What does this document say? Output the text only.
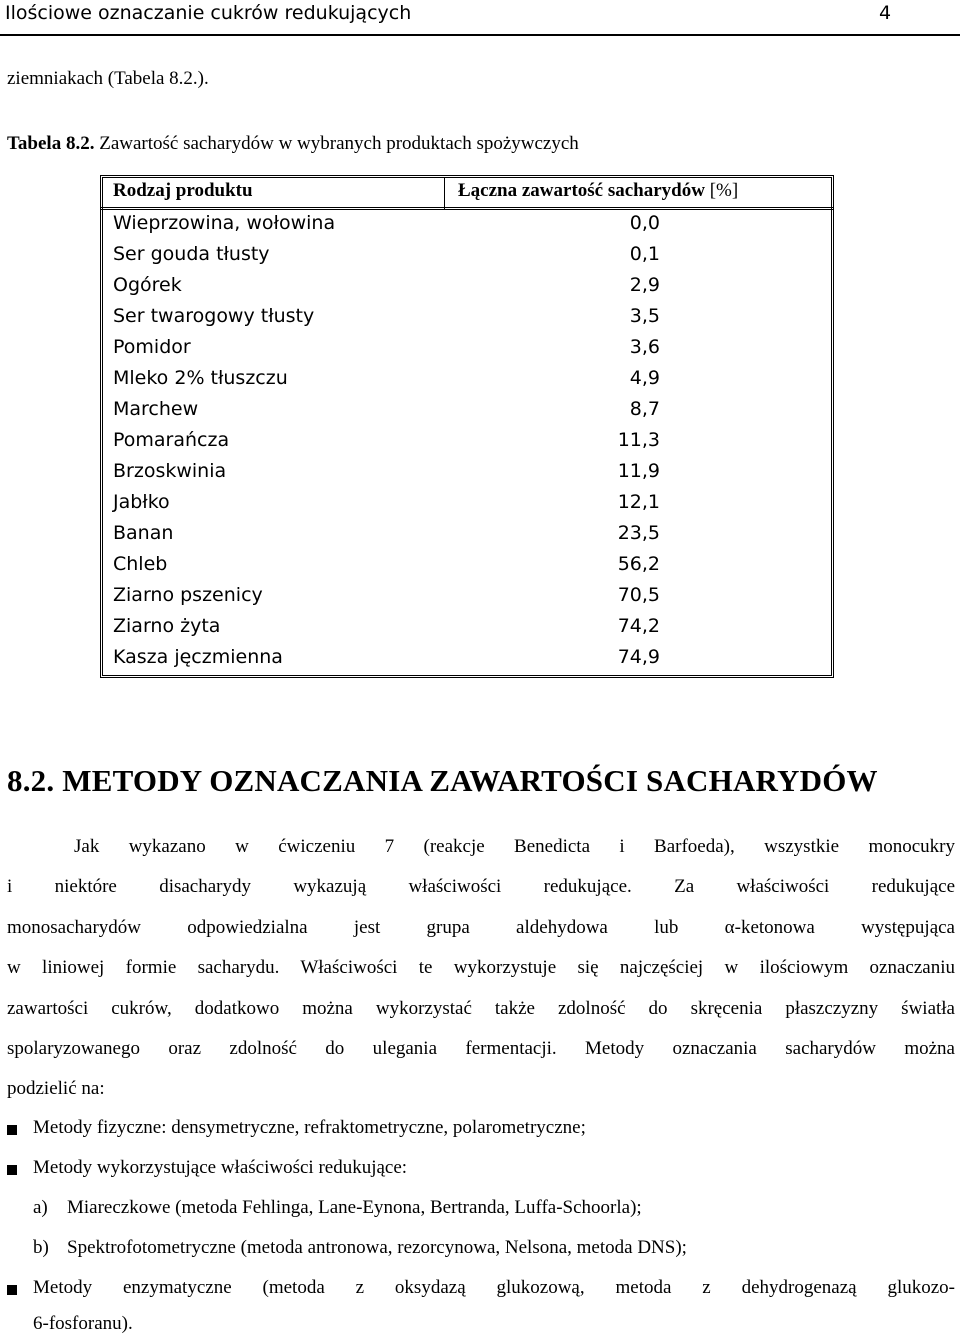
Ilościowe oznaczanie cukrów redukujących	4
ziemniakach (Tabela 8.2.).
Tabela 8.2. Zawartość sacharydów w wybranych produktach spożywczych
Rodzaj produktu	Łączna zawartość sacharydów [%]
Wieprzowina, wołowina	0,0
Ser gouda tłusty	0,1
Ogórek	2,9
Ser twarogowy tłusty	3,5
Pomidor	3,6
Mleko 2% tłuszczu	4,9
Marchew	8,7
Pomarańcza	11,3
Brzoskwinia	11,9
Jabłko	12,1
Banan	23,5
Chleb	56,2
Ziarno pszenicy	70,5
Ziarno żyta	74,2
Kasza jęczmienna	74,9
8.2. METODY OZNACZANIA ZAWARTOŚCI SACHARYDÓW
Jak wykazano w ćwiczeniu 7 (reakcje Benedicta i Barfoeda), wszystkie monocukry
i niektóre disacharydy wykazują właściwości redukujące. Za właściwości redukujące
monosacharydów odpowiedzialna jest grupa aldehydowa lub α-ketonowa występująca
w liniowej formie sacharydu. Właściwości te wykorzystuje się najczęściej w ilościowym oznaczaniu
zawartości cukrów, dodatkowo można wykorzystać także zdolność do skręcenia płaszczyzny światła
spolaryzowanego oraz zdolność do ulegania fermentacji. Metody oznaczania sacharydów można
podzielić na:
Metody fizyczne: densymetryczne, refraktometryczne, polarometryczne;
Metody wykorzystujące właściwości redukujące:
a) Miareczkowe (metoda Fehlinga, Lane-Eynona, Bertranda, Luffa-Schoorla);
b) Spektrofotometryczne (metoda antronowa, rezorcynowa, Nelsona, metoda DNS);
Metody enzymatyczne (metoda z oksydazą glukozową, metoda z dehydrogenazą glukozo-
6-fosforanu).
